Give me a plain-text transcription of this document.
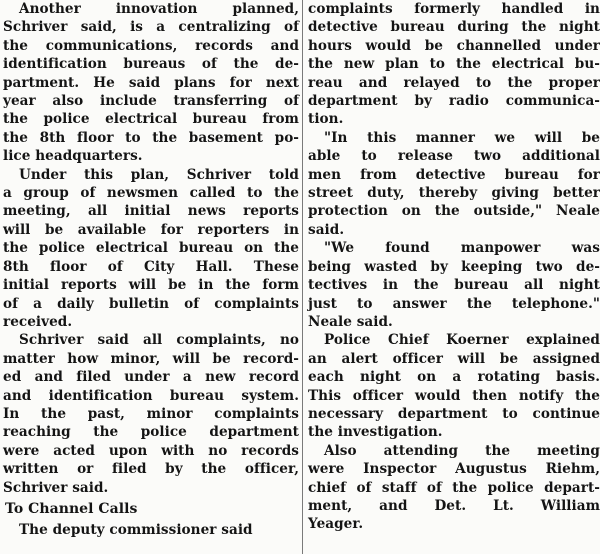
Another innovation planned,
Schriver said, is a centralizing of
the communications, records and
identification bureaus of the de-
partment. He said plans for next
year also include transferring of
the police electrical bureau from
the 8th floor to the basement po-
lice headquarters.
Under this plan, Schriver told
a group of newsmen called to the
meeting, all initial news reports
will be available for reporters in
the police electrical bureau on the
8th floor of City Hall. These
initial reports will be in the form
of a daily bulletin of complaints
received.
Schriver said all complaints, no
matter how minor, will be record-
ed and filed under a new record
and identification bureau system.
In the past, minor complaints
reaching the police department
were acted upon with no records
written or filed by the officer,
Schriver said.
To Channel Calls
The deputy commissioner said
complaints formerly handled in
detective bureau during the night
hours would be channelled under
the new plan to the electrical bu-
reau and relayed to the proper
department by radio communica-
tion.
"In this manner we will be
able to release two additional
men from detective bureau for
street duty, thereby giving better
protection on the outside," Neale
said.
"We found manpower was
being wasted by keeping two de-
tectives in the bureau all night
just to answer the telephone."
Neale said.
Police Chief Koerner explained
an alert officer will be assigned
each night on a rotating basis.
This officer would then notify the
necessary department to continue
the investigation.
Also attending the meeting
were Inspector Augustus Riehm,
chief of staff of the police depart-
ment, and Det. Lt. William
Yeager.
